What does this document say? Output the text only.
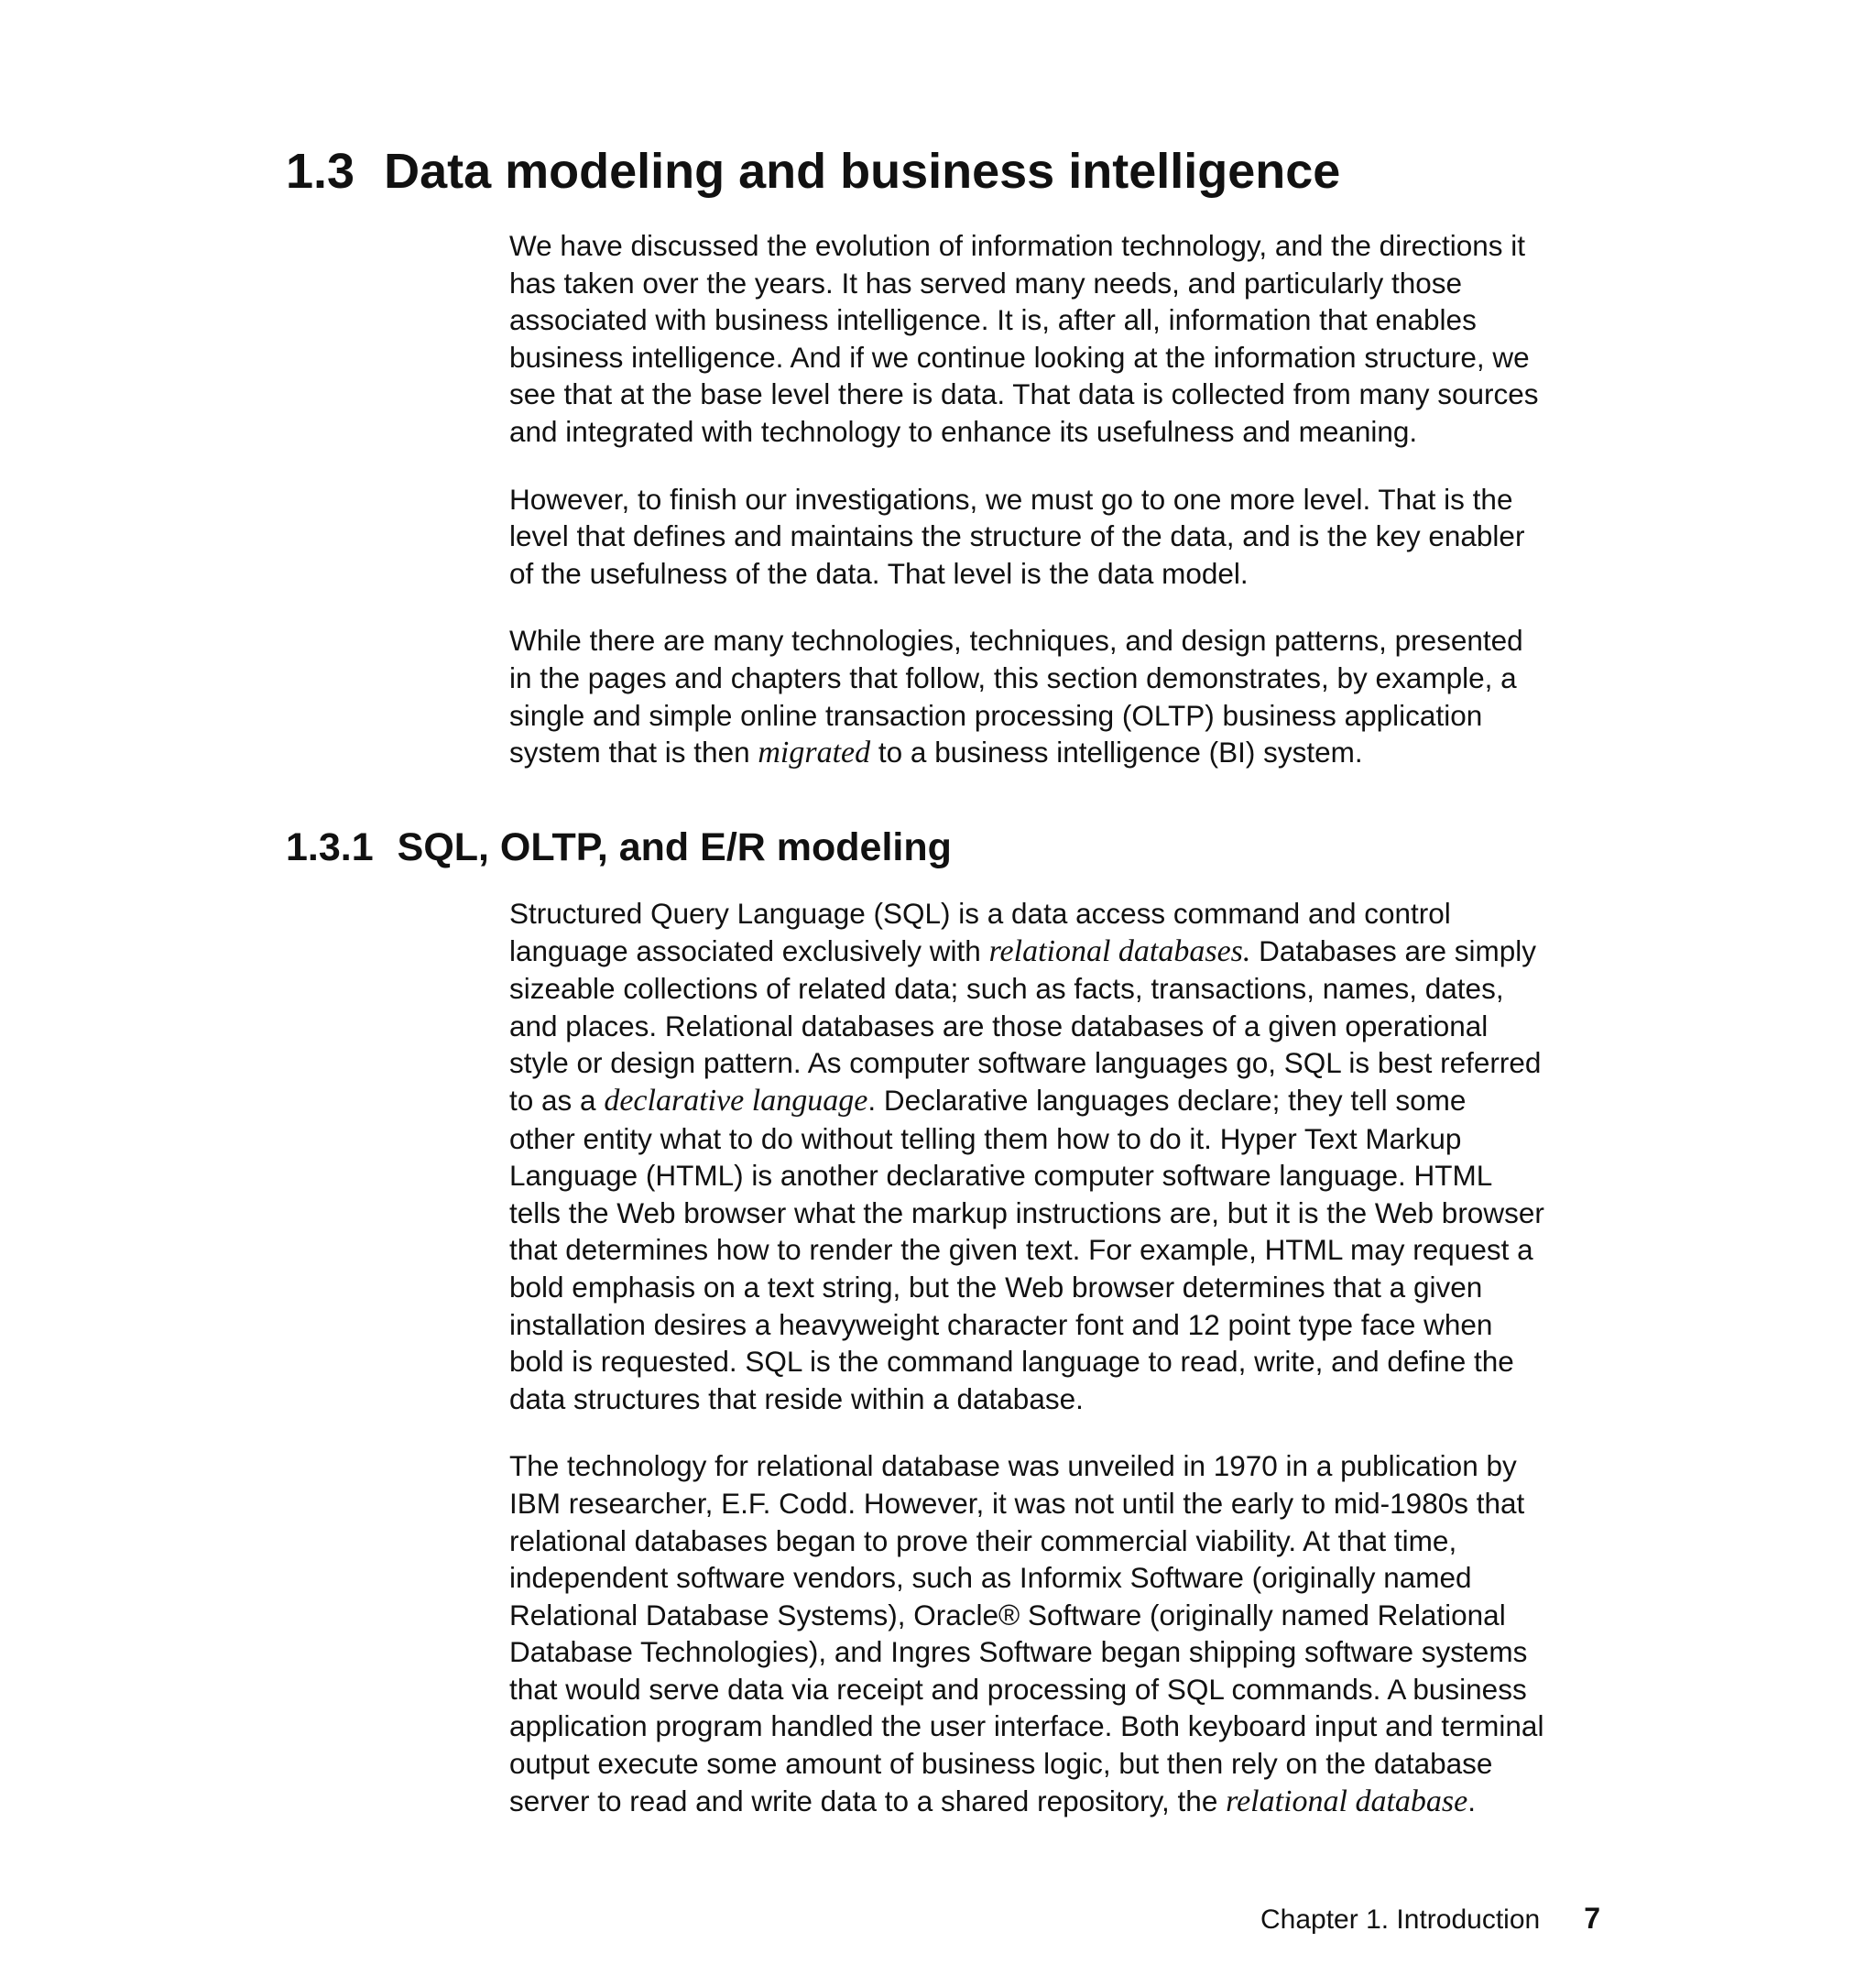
1.3 Data modeling and business intelligence
We have discussed the evolution of information technology, and the directions it
has taken over the years. It has served many needs, and particularly those
associated with business intelligence. It is, after all, information that enables
business intelligence. And if we continue looking at the information structure, we
see that at the base level there is data. That data is collected from many sources
and integrated with technology to enhance its usefulness and meaning.
However, to finish our investigations, we must go to one more level. That is the
level that defines and maintains the structure of the data, and is the key enabler
of the usefulness of the data. That level is the data model.
While there are many technologies, techniques, and design patterns, presented
in the pages and chapters that follow, this section demonstrates, by example, a
single and simple online transaction processing (OLTP) business application
system that is then migrated to a business intelligence (BI) system.
1.3.1 SQL, OLTP, and E/R modeling
Structured Query Language (SQL) is a data access command and control
language associated exclusively with relational databases. Databases are simply
sizeable collections of related data; such as facts, transactions, names, dates,
and places. Relational databases are those databases of a given operational
style or design pattern. As computer software languages go, SQL is best referred
to as a declarative language. Declarative languages declare; they tell some
other entity what to do without telling them how to do it. Hyper Text Markup
Language (HTML) is another declarative computer software language. HTML
tells the Web browser what the markup instructions are, but it is the Web browser
that determines how to render the given text. For example, HTML may request a
bold emphasis on a text string, but the Web browser determines that a given
installation desires a heavyweight character font and 12 point type face when
bold is requested. SQL is the command language to read, write, and define the
data structures that reside within a database.
The technology for relational database was unveiled in 1970 in a publication by
IBM researcher, E.F. Codd. However, it was not until the early to mid-1980s that
relational databases began to prove their commercial viability. At that time,
independent software vendors, such as Informix Software (originally named
Relational Database Systems), Oracle® Software (originally named Relational
Database Technologies), and Ingres Software began shipping software systems
that would serve data via receipt and processing of SQL commands. A business
application program handled the user interface. Both keyboard input and terminal
output execute some amount of business logic, but then rely on the database
server to read and write data to a shared repository, the relational database.
Chapter 1. Introduction 7
